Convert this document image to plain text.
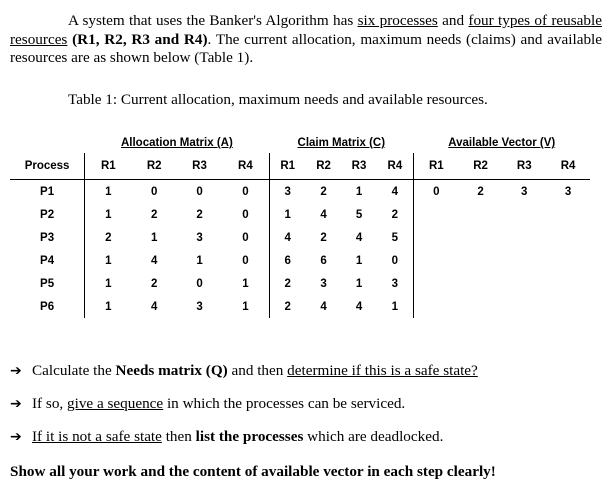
A system that uses the Banker's Algorithm has six processes and four types of reusable resources (R1, R2, R3 and R4). The current allocation, maximum needs (claims) and available resources are as shown below (Table 1).

Table 1: Current allocation, maximum needs and available resources.
	Allocation Matrix (A)				Claim Matrix (C)				Available Vector (V)			
Process	R1	R2	R3	R4	R1	R2	R3	R4	R1	R2	R3	R4
P1	1	0	0	0	3	2	1	4	0	2	3	3
P2	1	2	2	0	1	4	5	2				
P3	2	1	3	0	4	2	4	5				
P4	1	4	1	0	6	6	1	0				
P5	1	2	0	1	2	3	1	3				
P6	1	4	3	1	2	4	4	1				
➔ Calculate the Needs matrix (Q) and then determine if this is a safe state?
➔ If so, give a sequence in which the processes can be serviced.
➔ If it is not a safe state then list the processes which are deadlocked.
Show all your work and the content of available vector in each step clearly!
